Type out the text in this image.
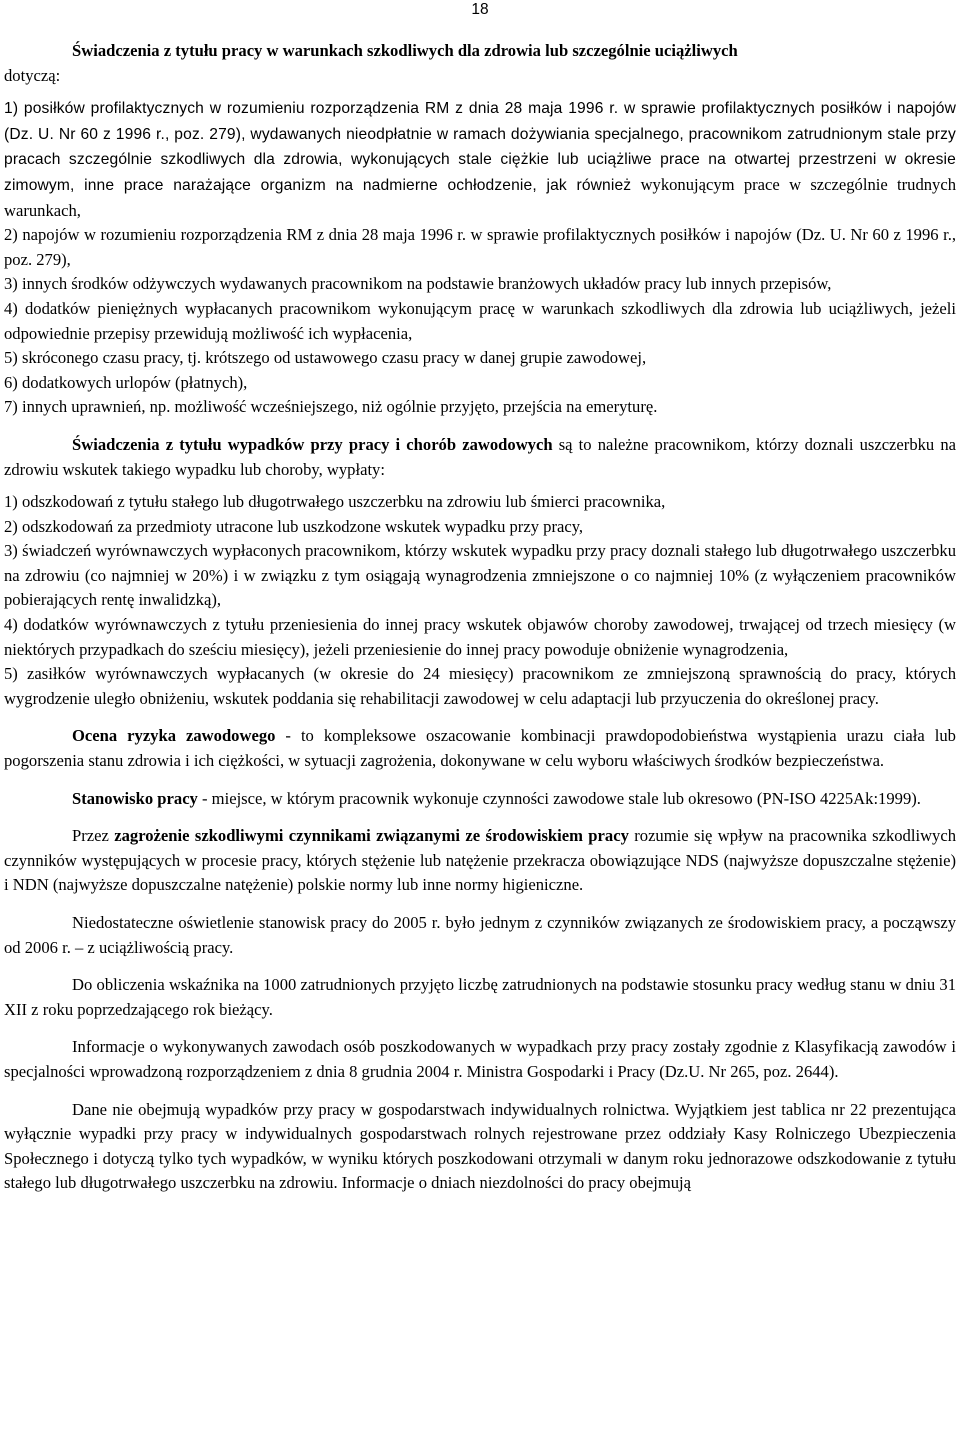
18

Świadczenia z tytułu pracy w warunkach szkodliwych dla zdrowia lub szczególnie uciążliwych
dotyczą:

1) posiłków profilaktycznych w rozumieniu rozporządzenia RM z dnia 28 maja 1996 r. w sprawie profilaktycznych posiłków i napojów (Dz. U. Nr 60 z 1996 r., poz. 279), wydawanych nieodpłatnie w ramach dożywiania specjalnego, pracownikom zatrudnionym stale przy pracach szczególnie szkodliwych dla zdrowia, wykonujących stale ciężkie lub uciążliwe prace na otwartej przestrzeni w okresie zimowym, inne prace narażające organizm na nadmierne ochłodzenie, jak również wykonującym prace w szczególnie trudnych warunkach,
2) napojów w rozumieniu rozporządzenia RM z dnia 28 maja 1996 r. w sprawie profilaktycznych posiłków i napojów (Dz. U. Nr 60 z 1996 r., poz. 279),
3) innych środków odżywczych wydawanych pracownikom na podstawie branżowych układów pracy lub innych przepisów,
4) dodatków pieniężnych wypłacanych pracownikom wykonującym pracę w warunkach szkodliwych dla zdrowia lub uciążliwych, jeżeli odpowiednie przepisy przewidują możliwość ich wypłacenia,
5) skróconego czasu pracy, tj. krótszego od ustawowego czasu pracy w danej grupie zawodowej,
6) dodatkowych urlopów (płatnych),
7) innych uprawnień, np. możliwość wcześniejszego, niż ogólnie przyjęto, przejścia na emeryturę.

Świadczenia z tytułu wypadków przy pracy i chorób zawodowych są to należne pracownikom, którzy doznali uszczerbku na zdrowiu wskutek takiego wypadku lub choroby, wypłaty:

1) odszkodowań z tytułu stałego lub długotrwałego uszczerbku na zdrowiu lub śmierci pracownika,
2) odszkodowań za przedmioty utracone lub uszkodzone wskutek wypadku przy pracy,
3) świadczeń wyrównawczych wypłaconych pracownikom, którzy wskutek wypadku przy pracy doznali stałego lub długotrwałego uszczerbku na zdrowiu (co najmniej w 20%) i w związku z tym osiągają wynagrodzenia zmniejszone o co najmniej 10% (z wyłączeniem pracowników pobierających rentę inwalidzką),
4) dodatków wyrównawczych z tytułu przeniesienia do innej pracy wskutek objawów choroby zawodowej, trwającej od trzech miesięcy (w niektórych przypadkach do sześciu miesięcy), jeżeli przeniesienie do innej pracy powoduje obniżenie wynagrodzenia,
5) zasiłków wyrównawczych wypłacanych (w okresie do 24 miesięcy) pracownikom ze zmniejszoną sprawnością do pracy, których wygrodzenie uległo obniżeniu, wskutek poddania się rehabilitacji zawodowej w celu adaptacji lub przyuczenia do określonej pracy.

Ocena ryzyka zawodowego - to kompleksowe oszacowanie kombinacji prawdopodobieństwa wystąpienia urazu ciała lub pogorszenia stanu zdrowia i ich ciężkości, w sytuacji zagrożenia, dokonywane w celu wyboru właściwych środków bezpieczeństwa.

Stanowisko pracy - miejsce, w którym pracownik wykonuje czynności zawodowe stale lub okresowo (PN-ISO 4225Ak:1999).

Przez zagrożenie szkodliwymi czynnikami związanymi ze środowiskiem pracy rozumie się wpływ na pracownika szkodliwych czynników występujących w procesie pracy, których stężenie lub natężenie przekracza obowiązujące NDS (najwyższe dopuszczalne stężenie) i NDN (najwyższe dopuszczalne natężenie) polskie normy lub inne normy higieniczne.

Niedostateczne oświetlenie stanowisk pracy do 2005 r. było jednym z czynników związanych ze środowiskiem pracy, a począwszy od 2006 r. – z uciążliwością pracy.

Do obliczenia wskaźnika na 1000 zatrudnionych przyjęto liczbę zatrudnionych na podstawie stosunku pracy według stanu w dniu 31 XII z roku poprzedzającego rok bieżący.

Informacje o wykonywanych zawodach osób poszkodowanych w wypadkach przy pracy zostały zgodnie z Klasyfikacją zawodów i specjalności wprowadzoną rozporządzeniem z dnia 8 grudnia 2004 r. Ministra Gospodarki i Pracy (Dz.U. Nr 265, poz. 2644).

Dane nie obejmują wypadków przy pracy w gospodarstwach indywidualnych rolnictwa. Wyjątkiem jest tablica nr 22 prezentująca wyłącznie wypadki przy pracy w indywidualnych gospodarstwach rolnych rejestrowane przez oddziały Kasy Rolniczego Ubezpieczenia Społecznego i dotyczą tylko tych wypadków, w wyniku których poszkodowani otrzymali w danym roku jednorazowe odszkodowanie z tytułu stałego lub długotrwałego uszczerbku na zdrowiu. Informacje o dniach niezdolności do pracy obejmują
